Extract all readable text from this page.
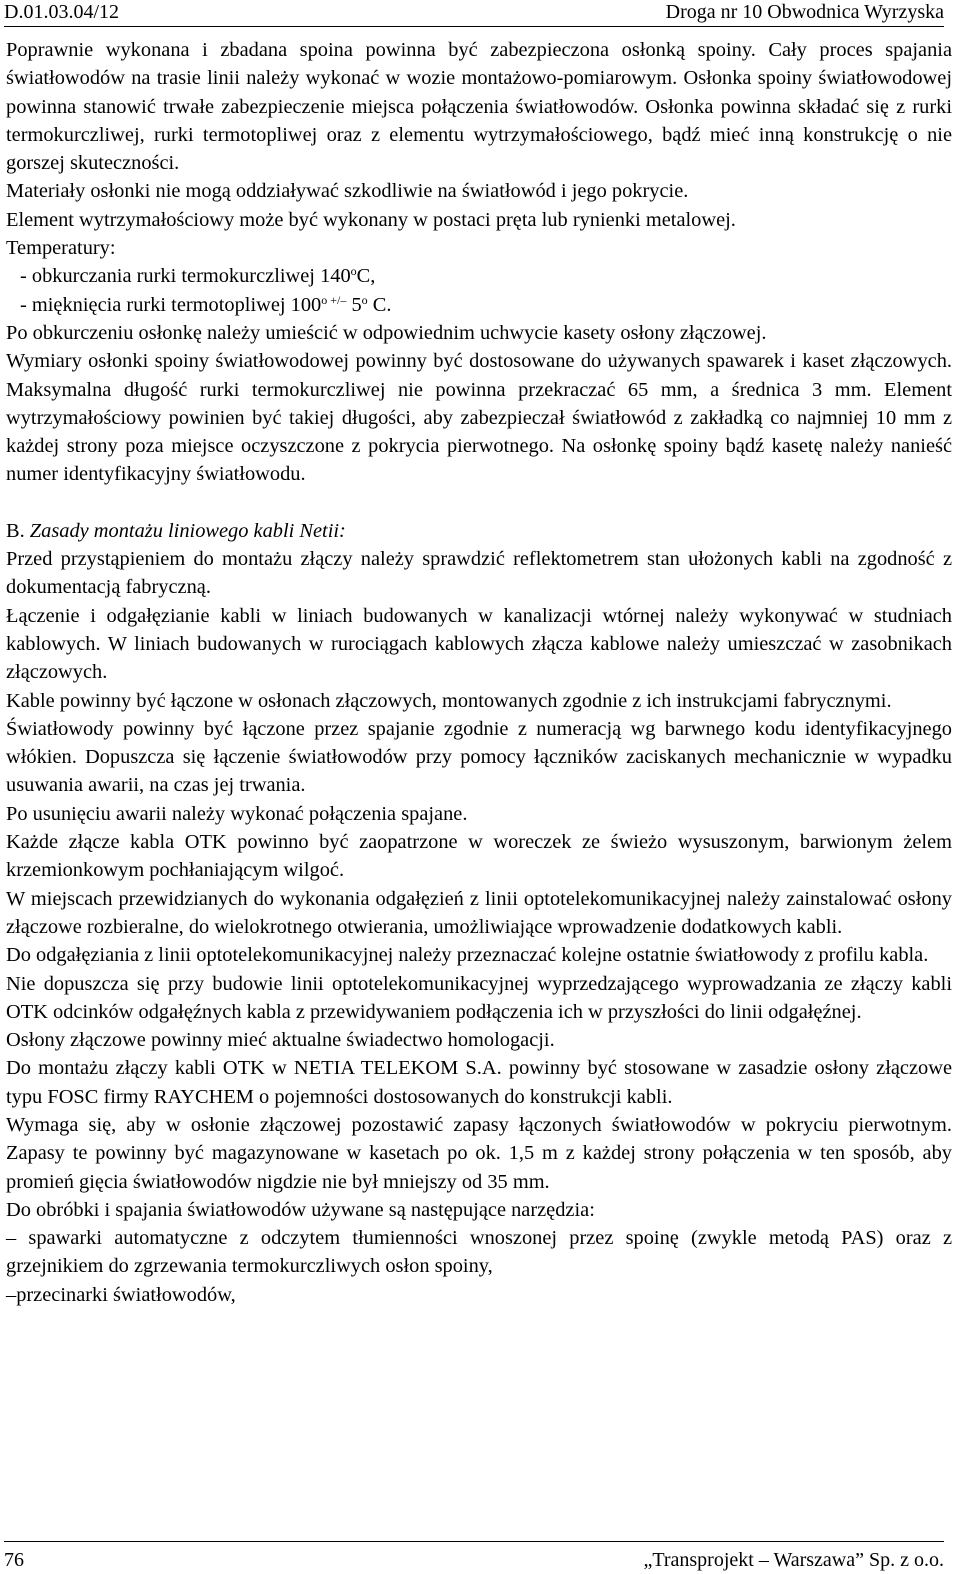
D.01.03.04/12	Droga nr 10 Obwodnica Wyrzyska

Poprawnie wykonana i zbadana spoina powinna być zabezpieczona osłonką spoiny. Cały proces spajania światłowodów na trasie linii należy wykonać w wozie montażowo-pomiarowym. Osłonka spoiny światłowodowej powinna stanowić trwałe zabezpieczenie miejsca połączenia światłowodów. Osłonka powinna składać się z rurki termokurczliwej, rurki termotopliwej oraz z elementu wytrzymałościowego, bądź mieć inną konstrukcję o nie gorszej skuteczności.

Materiały osłonki nie mogą oddziaływać szkodliwie na światłowód i jego pokrycie.

Element wytrzymałościowy może być wykonany w postaci pręta lub rynienki metalowej.

Temperatury:

- obkurczania rurki termokurczliwej 140$^o$C,

- mięknięcia rurki termotopliwej $100^{o +/-}$ 5$^o$ C.

Po obkurczeniu osłonkę należy umieścić w odpowiednim uchwycie kasety osłony złączowej.

Wymiary osłonki spoiny światłowodowej powinny być dostosowane do używanych spawarek i kaset złączowych. Maksymalna długość rurki termokurczliwej nie powinna przekraczać 65 mm, a średnica 3 mm. Element wytrzymałościowy powinien być takiej długości, aby zabezpieczał światłowód z zakładką co najmniej 10 mm z każdej strony poza miejsce oczyszczone z pokrycia pierwotnego. Na osłonkę spoiny bądź kasetę należy nanieść numer identyfikacyjny światłowodu.

B. Zasady montażu liniowego kabli Netii:

Przed przystąpieniem do montażu złączy należy sprawdzić reflektometrem stan ułożonych kabli na zgodność z dokumentacją fabryczną.

Łączenie i odgałęzianie kabli w liniach budowanych w kanalizacji wtórnej należy wykonywać w studniach kablowych. W liniach budowanych w rurociągach kablowych złącza kablowe należy umieszczać w zasobnikach złączowych.

Kable powinny być łączone w osłonach złączowych, montowanych zgodnie z ich instrukcjami fabrycznymi.

Światłowody powinny być łączone przez spajanie zgodnie z numeracją wg barwnego kodu identyfikacyjnego włókien. Dopuszcza się łączenie światłowodów przy pomocy łączników zaciskanych mechanicznie w wypadku usuwania awarii, na czas jej trwania.

Po usunięciu awarii należy wykonać połączenia spajane.

Każde złącze kabla OTK powinno być zaopatrzone w woreczek ze świeżo wysuszonym, barwionym żelem krzemionkowym pochłaniającym wilgoć.

W miejscach przewidzianych do wykonania odgałęzień z linii optotelekomunikacyjnej należy zainstalować osłony złączowe rozbieralne, do wielokrotnego otwierania, umożliwiające wprowadzenie dodatkowych kabli.

Do odgałęziania z linii optotelekomunikacyjnej należy przeznaczać kolejne ostatnie światłowody z profilu kabla.

Nie dopuszcza się przy budowie linii optotelekomunikacyjnej wyprzedzającego wyprowadzania ze złączy kabli OTK odcinków odgałęźnych kabla z przewidywaniem podłączenia ich w przyszłości do linii odgałęźnej.

Osłony złączowe powinny mieć aktualne świadectwo homologacji.

Do montażu złączy kabli OTK w NETIA TELEKOM S.A. powinny być stosowane w zasadzie osłony złączowe typu FOSC firmy RAYCHEM o pojemności dostosowanych do konstrukcji kabli.

Wymaga się, aby w osłonie złączowej pozostawić zapasy łączonych światłowodów w pokryciu pierwotnym. Zapasy te powinny być magazynowane w kasetach po ok. 1,5 m z każdej strony połączenia w ten sposób, aby promień gięcia światłowodów nigdzie nie był mniejszy od 35 mm.

Do obróbki i spajania światłowodów używane są następujące narzędzia:

– spawarki automatyczne z odczytem tłumienności wnoszonej przez spoinę (zwykle metodą PAS) oraz z grzejnikiem do zgrzewania termokurczliwych osłon spoiny,

–przecinarki światłowodów,

76	„Transprojekt – Warszawa” Sp. z o.o.
